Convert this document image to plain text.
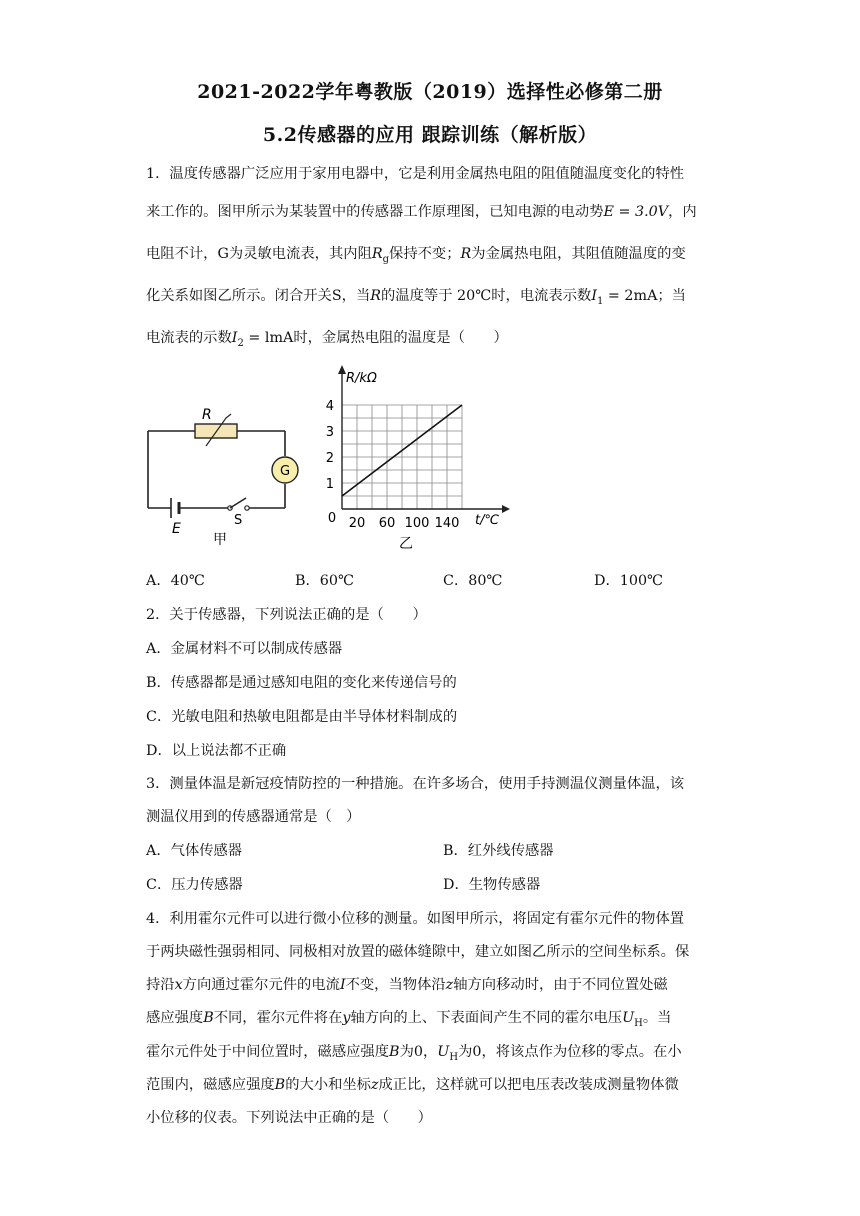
2021-2022学年粤教版（2019）选择性必修第二册
5.2传感器的应用 跟踪训练（解析版）
1．温度传感器广泛应用于家用电器中，它是利用金属热电阻的阻值随温度变化的特性
来工作的。图甲所示为某装置中的传感器工作原理图，已知电源的电动势E = 3.0V，内
电阻不计，G为灵敏电流表，其内阻$R_g$保持不变；R为金属热电阻，其阻值随温度的变
化关系如图乙所示。闭合开关S，当R的温度等于 20℃时，电流表示数$I_1 = 2mA$；当
电流表的示数$I_2$ = lmA时，金属热电阻的温度是（　　）
R
G
E
S
甲
0 20 60 100 140
1
2
3
4
R/kΩ
t/℃
乙
A．40℃	B．60℃	C．80℃	D．100℃
2．关于传感器，下列说法正确的是（　　）
A．金属材料不可以制成传感器
B．传感器都是通过感知电阻的变化来传递信号的
C．光敏电阻和热敏电阻都是由半导体材料制成的
D．以上说法都不正确
3．测量体温是新冠疫情防控的一种措施。在许多场合，使用手持测温仪测量体温，该
测温仪用到的传感器通常是（　）
A．气体传感器	B．红外线传感器
C．压力传感器	D．生物传感器
4．利用霍尔元件可以进行微小位移的测量。如图甲所示，将固定有霍尔元件的物体置
于两块磁性强弱相同、同极相对放置的磁体缝隙中，建立如图乙所示的空间坐标系。保
持沿x方向通过霍尔元件的电流I不变，当物体沿z轴方向移动时，由于不同位置处磁
感应强度B不同，霍尔元件将在y轴方向的上、下表面间产生不同的霍尔电压$U_H$。当
霍尔元件处于中间位置时，磁感应强度B为0，$U_H$为0，将该点作为位移的零点。在小
范围内，磁感应强度B的大小和坐标z成正比，这样就可以把电压表改装成测量物体微
小位移的仪表。下列说法中正确的是（　　）
